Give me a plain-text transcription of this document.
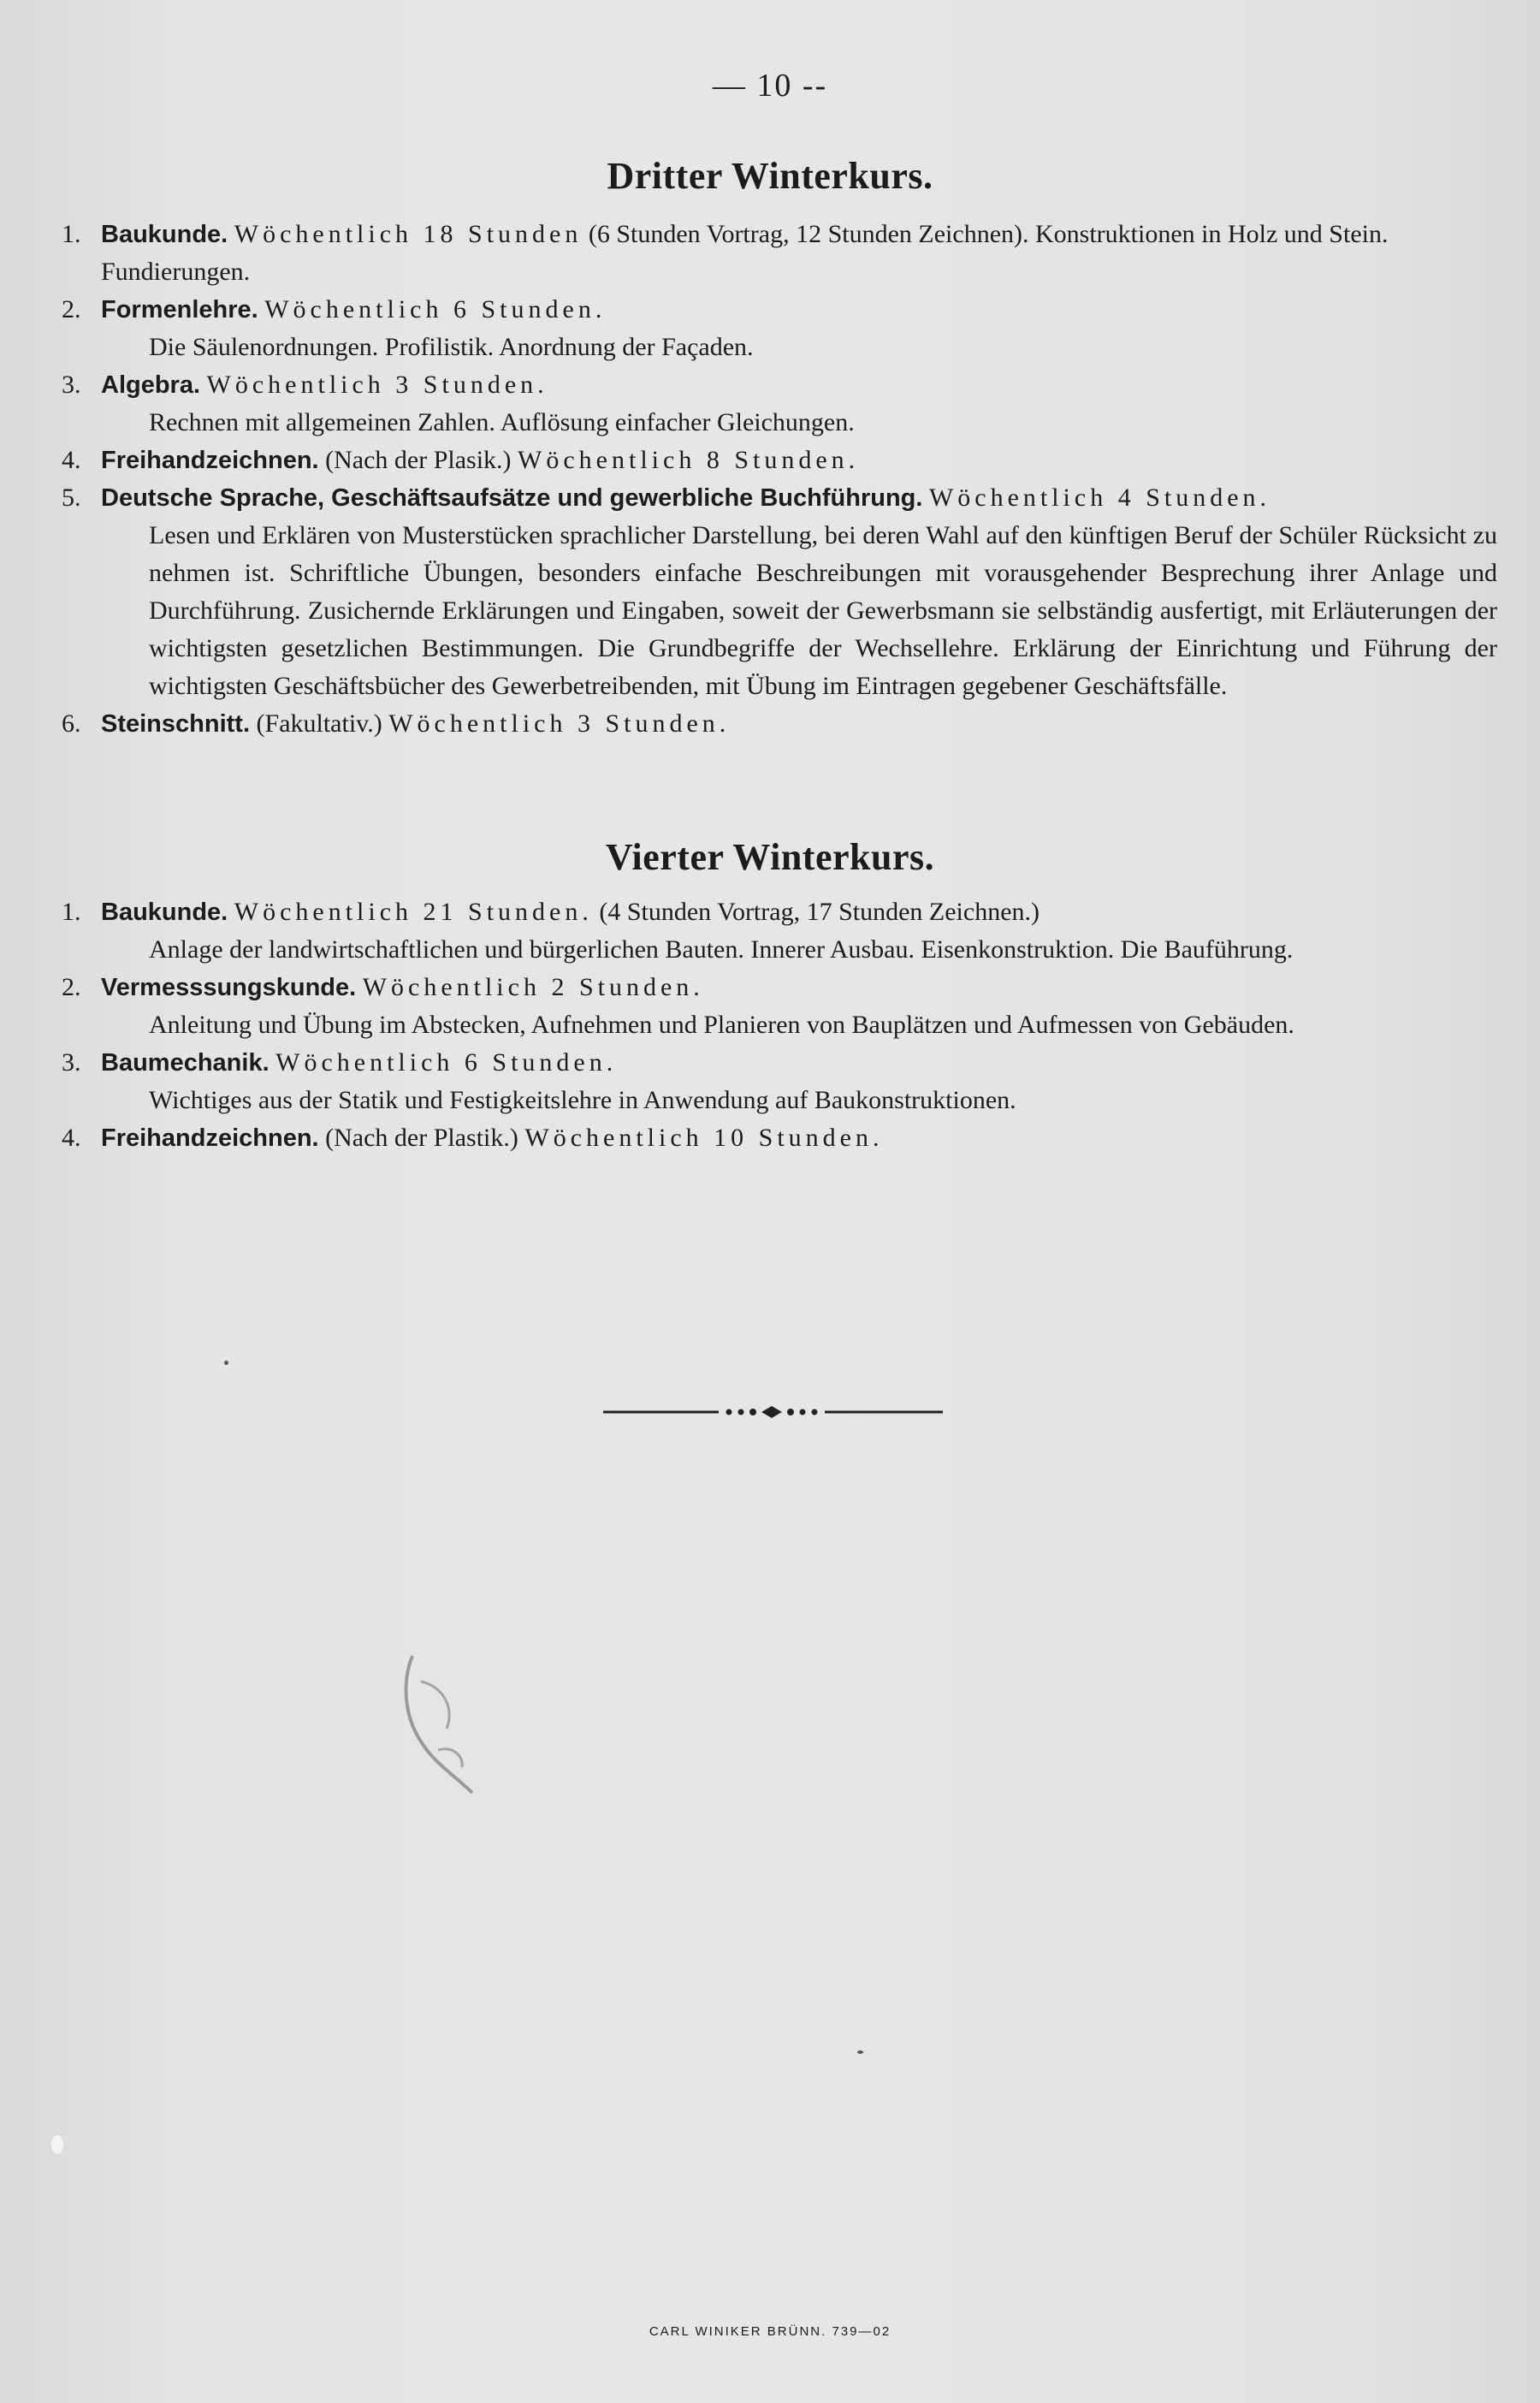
— 10 --
Dritter Winterkurs.
1. Baukunde. Wöchentlich 18 Stunden (6 Stunden Vortrag, 12 Stunden Zeichnen). Konstruktionen in Holz und Stein. Fundierungen.
2. Formenlehre. Wöchentlich 6 Stunden.
Die Säulenordnungen. Profilistik. Anordnung der Façaden.
3. Algebra. Wöchentlich 3 Stunden.
Rechnen mit allgemeinen Zahlen. Auflösung einfacher Gleichungen.
4. Freihandzeichnen. (Nach der Plasik.) Wöchentlich 8 Stunden.
5. Deutsche Sprache, Geschäftsaufsätze und gewerbliche Buchführung. Wöchentlich 4 Stunden.
Lesen und Erklären von Musterstücken sprachlicher Darstellung, bei deren Wahl auf den künftigen Beruf der Schüler Rücksicht zu nehmen ist. Schriftliche Übungen, besonders einfache Beschreibungen mit vorausgehender Besprechung ihrer Anlage und Durchführung. Zusichernde Erklärungen und Eingaben, soweit der Gewerbsmann sie selbständig ausfertigt, mit Erläuterungen der wichtigsten gesetzlichen Bestimmungen. Die Grundbegriffe der Wechsellehre. Erklärung der Einrichtung und Führung der wichtigsten Geschäftsbücher des Gewerbetreibenden, mit Übung im Eintragen gegebener Geschäftsfälle.
6. Steinschnitt. (Fakultativ.) Wöchentlich 3 Stunden.
Vierter Winterkurs.
1. Baukunde. Wöchentlich 21 Stunden. (4 Stunden Vortrag, 17 Stunden Zeichnen.)
Anlage der landwirtschaftlichen und bürgerlichen Bauten. Innerer Ausbau. Eisenkonstruktion. Die Bauführung.
2. Vermesssungskunde. Wöchentlich 2 Stunden.
Anleitung und Übung im Abstecken, Aufnehmen und Planieren von Bauplätzen und Aufmessen von Gebäuden.
3. Baumechanik. Wöchentlich 6 Stunden.
Wichtiges aus der Statik und Festigkeitslehre in Anwendung auf Baukonstruktionen.
4. Freihandzeichnen. (Nach der Plastik.) Wöchentlich 10 Stunden.
CARL WINIKER BRÜNN. 739—02
